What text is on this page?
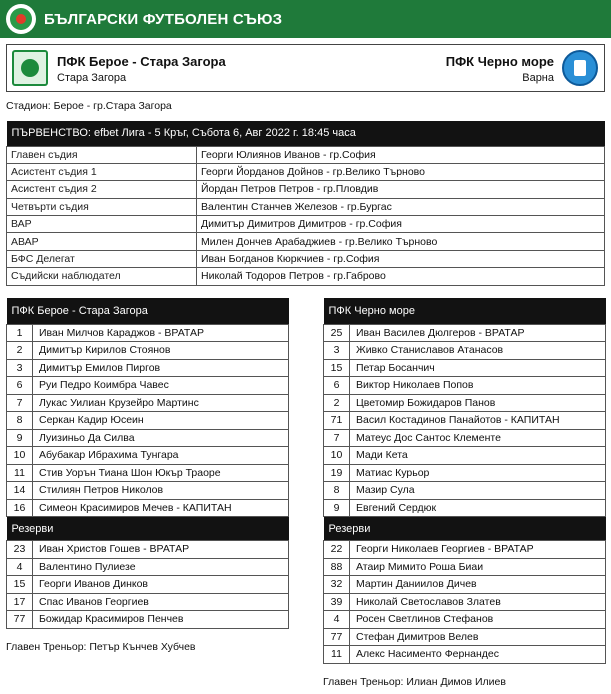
БЪЛГАРСКИ ФУТБОЛЕН СЪЮЗ
ПФК Берое - Стара Загора
Стара Загора
ПФК Черно море
Варна
Стадион: Берое - гр.Стара Загора
ПЪРВЕНСТВО: efbet Лига - 5 Кръг, Събота 6, Авг 2022 г. 18:45 часа	
Главен съдия	Георги Юлиянов Иванов - гр.София
Асистент съдия 1	Георги Йорданов Дойнов - гр.Велико Търново
Асистент съдия 2	Йордан Петров Петров - гр.Пловдив
Четвърти съдия	Валентин Станчев Железов - гр.Бургас
ВАР	Димитър Димитров Димитров - гр.София
АВАР	Милен Дончев Арабаджиев - гр.Велико Търново
БФС Делегат	Иван Богданов Кюркчиев - гр.София
Съдийски наблюдател	Николай Тодоров Петров - гр.Габрово
ПФК Берое - Стара Загора	
1	Иван Милчов Караджов - ВРАТАР
2	Димитър Кирилов Стоянов
3	Димитър Емилов Пиргов
6	Руи Педро Коимбра Чавес
7	Лукас Уилиан Крузейро Мартинс
8	Серкан Кадир Юсеин
9	Луизиньо Да Силва
10	Абубакар Ибрахима Тунгара
11	Стив Уорън Тиана Шон Юкър Траоре
14	Стилиян Петров Николов
16	Симеон Красимиров Мечев - КАПИТАН
Резерви	
23	Иван Христов Гошев - ВРАТАР
4	Валентино Пулиезе
15	Георги Иванов Динков
17	Спас Иванов Георгиев
77	Божидар Красимиров Пенчев
Главен Треньор: Петър Кънчев Хубчев
ПФК Черно море	
25	Иван Василев Дюлгеров - ВРАТАР
3	Живко Станиславов Атанасов
15	Петар Босанчич
6	Виктор Николаев Попов
2	Цветомир Божидаров Панов
71	Васил Костадинов Панайотов - КАПИТАН
7	Матеус Дос Сантос Клементе
10	Мади Кета
19	Матиас Курьор
8	Мазир Сула
9	Евгений Сердюк
Резерви	
22	Георги Николаев Георгиев - ВРАТАР
88	Атаир Мимито Роша Биаи
32	Мартин Даниилов Дичев
39	Николай Светославов Златев
4	Росен Светлинов Стефанов
77	Стефан Димитров Велев
11	Алекс Насименто Фернандес
Главен Треньор: Илиан Димов Илиев
